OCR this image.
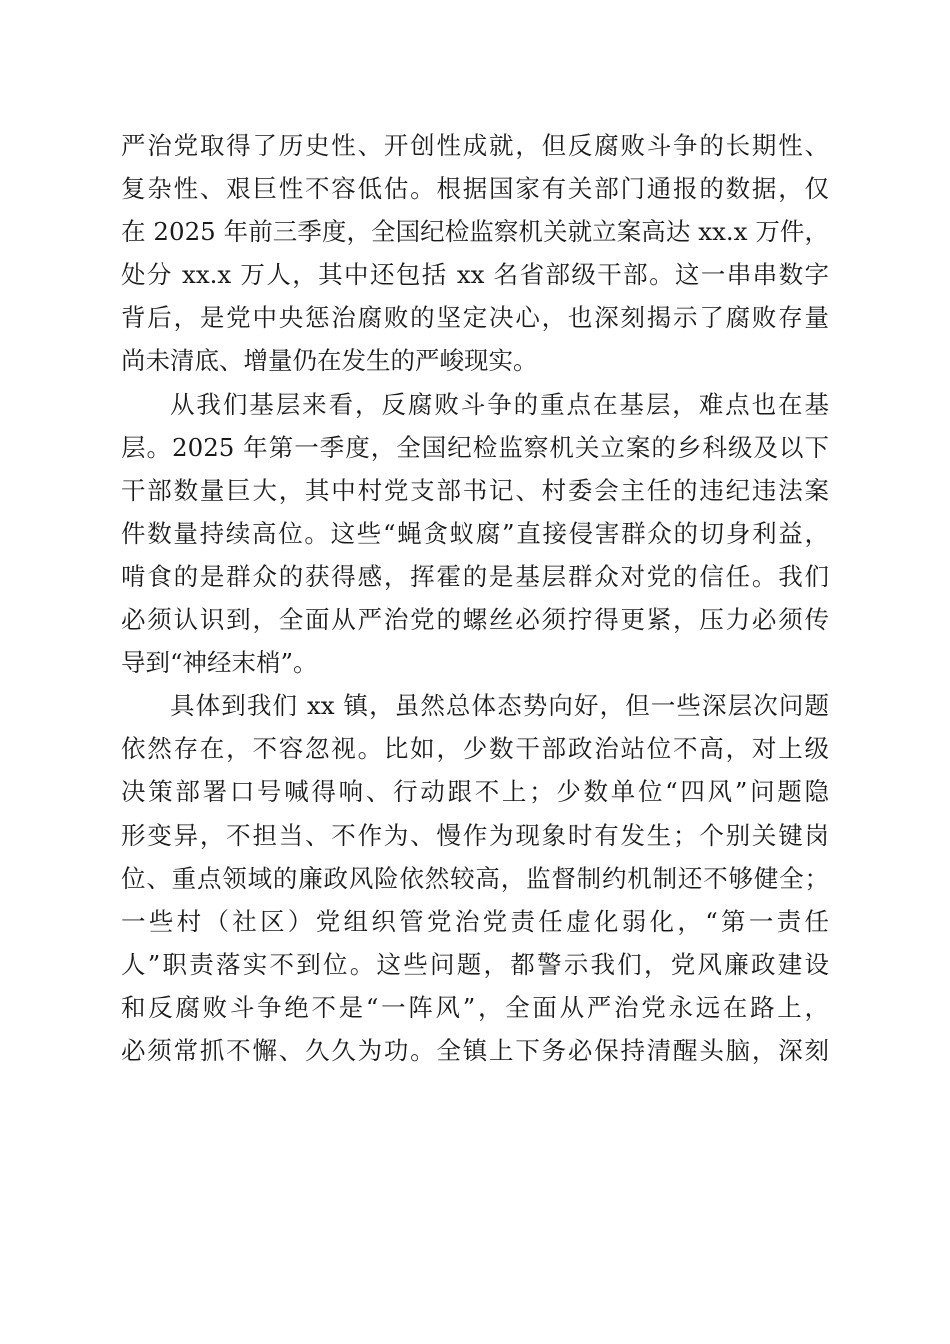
严治党取得了历史性、开创性成就，但反腐败斗争的长期性、
复杂性、艰巨性不容低估。根据国家有关部门通报的数据，仅
在 2025 年前三季度，全国纪检监察机关就立案高达 xx.x 万件，
处分 xx.x 万人，其中还包括 xx 名省部级干部。这一串串数字
背后，是党中央惩治腐败的坚定决心，也深刻揭示了腐败存量
尚未清底、增量仍在发生的严峻现实。
从我们基层来看，反腐败斗争的重点在基层，难点也在基
层。2025 年第一季度，全国纪检监察机关立案的乡科级及以下
干部数量巨大，其中村党支部书记、村委会主任的违纪违法案
件数量持续高位。这些“蝇贪蚁腐”直接侵害群众的切身利益，
啃食的是群众的获得感，挥霍的是基层群众对党的信任。我们
必须认识到，全面从严治党的螺丝必须拧得更紧，压力必须传
导到“神经末梢”。
具体到我们 xx 镇，虽然总体态势向好，但一些深层次问题
依然存在，不容忽视。比如，少数干部政治站位不高，对上级
决策部署口号喊得响、行动跟不上；少数单位“四风”问题隐
形变异，不担当、不作为、慢作为现象时有发生；个别关键岗
位、重点领域的廉政风险依然较高，监督制约机制还不够健全；
一些村（社区）党组织管党治党责任虚化弱化，“第一责任
人”职责落实不到位。这些问题，都警示我们，党风廉政建设
和反腐败斗争绝不是“一阵风”，全面从严治党永远在路上，
必须常抓不懈、久久为功。全镇上下务必保持清醒头脑，深刻
